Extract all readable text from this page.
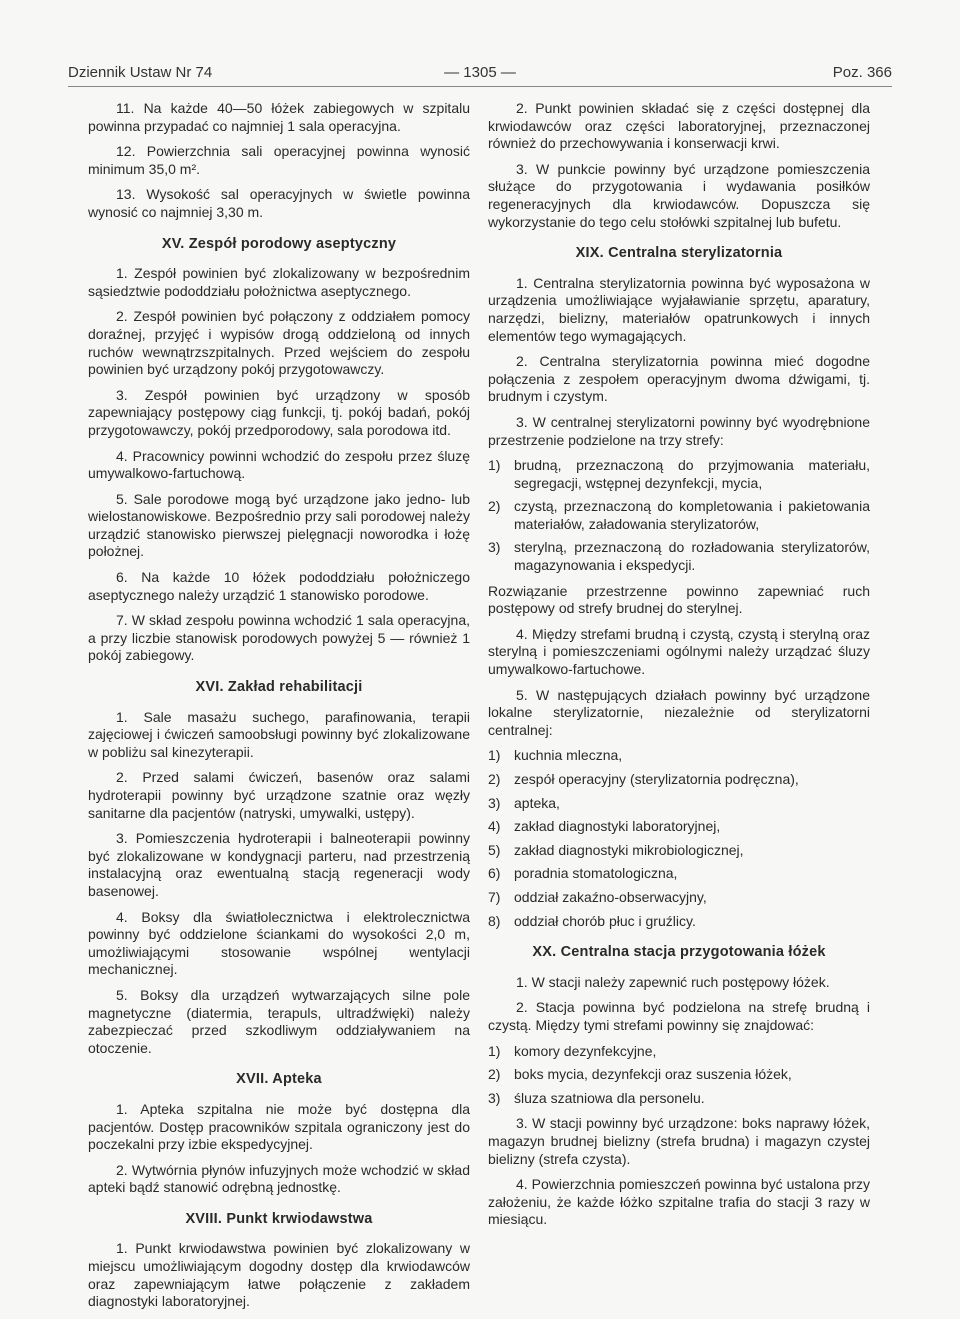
Dziennik Ustaw Nr 74	— 1305 —	Poz. 366

11. Na każde 40—50 łóżek zabiegowych w szpitalu powinna przypadać co najmniej 1 sala operacyjna.

12. Powierzchnia sali operacyjnej powinna wynosić minimum 35,0 m².

13. Wysokość sal operacyjnych w świetle powinna wynosić co najmniej 3,30 m.

XV. Zespół porodowy aseptyczny

1. Zespół powinien być zlokalizowany w bezpośrednim sąsiedztwie pododdziału położnictwa aseptycznego.

2. Zespół powinien być połączony z oddziałem pomocy doraźnej, przyjęć i wypisów drogą oddzieloną od innych ruchów wewnątrzszpitalnych. Przed wejściem do zespołu powinien być urządzony pokój przygotowawczy.

3. Zespół powinien być urządzony w sposób zapewniający postępowy ciąg funkcji, tj. pokój badań, pokój przygotowawczy, pokój przedporodowy, sala porodowa itd.

4. Pracownicy powinni wchodzić do zespołu przez śluzę umywalkowo-fartuchową.

5. Sale porodowe mogą być urządzone jako jedno- lub wielostanowiskowe. Bezpośrednio przy sali porodowej należy urządzić stanowisko pierwszej pielęgnacji noworodka i łożę położnej.

6. Na każde 10 łóżek pododdziału położniczego aseptycznego należy urządzić 1 stanowisko porodowe.

7. W skład zespołu powinna wchodzić 1 sala operacyjna, a przy liczbie stanowisk porodowych powyżej 5 — również 1 pokój zabiegowy.

XVI. Zakład rehabilitacji

1. Sale masażu suchego, parafinowania, terapii zajęciowej i ćwiczeń samoobsługi powinny być zlokalizowane w pobliżu sal kinezyterapii.

2. Przed salami ćwiczeń, basenów oraz salami hydroterapii powinny być urządzone szatnie oraz węzły sanitarne dla pacjentów (natryski, umywalki, ustępy).

3. Pomieszczenia hydroterapii i balneoterapii powinny być zlokalizowane w kondygnacji parteru, nad przestrzenią instalacyjną oraz ewentualną stacją regeneracji wody basenowej.

4. Boksy dla światłolecznictwa i elektrolecznictwa powinny być oddzielone ściankami do wysokości 2,0 m, umożliwiającymi stosowanie wspólnej wentylacji mechanicznej.

5. Boksy dla urządzeń wytwarzających silne pole magnetyczne (diatermia, terapuls, ultradźwięki) należy zabezpieczać przed szkodliwym oddziaływaniem na otoczenie.

XVII. Apteka

1. Apteka szpitalna nie może być dostępna dla pacjentów. Dostęp pracowników szpitala ograniczony jest do poczekalni przy izbie ekspedycyjnej.

2. Wytwórnia płynów infuzyjnych może wchodzić w skład apteki bądź stanowić odrębną jednostkę.

XVIII. Punkt krwiodawstwa

1. Punkt krwiodawstwa powinien być zlokalizowany w miejscu umożliwiającym dogodny dostęp dla krwiodawców oraz zapewniającym łatwe połączenie z zakładem diagnostyki laboratoryjnej.

2. Punkt powinien składać się z części dostępnej dla krwiodawców oraz części laboratoryjnej, przeznaczonej również do przechowywania i konserwacji krwi.

3. W punkcie powinny być urządzone pomieszczenia służące do przygotowania i wydawania posiłków regeneracyjnych dla krwiodawców. Dopuszcza się wykorzystanie do tego celu stołówki szpitalnej lub bufetu.

XIX. Centralna sterylizatornia

1. Centralna sterylizatornia powinna być wyposażona w urządzenia umożliwiające wyjaławianie sprzętu, aparatury, narzędzi, bielizny, materiałów opatrunkowych i innych elementów tego wymagających.

2. Centralna sterylizatornia powinna mieć dogodne połączenia z zespołem operacyjnym dwoma dźwigami, tj. brudnym i czystym.

3. W centralnej sterylizatorni powinny być wyodrębnione przestrzenie podzielone na trzy strefy:

1) brudną, przeznaczoną do przyjmowania materiału, segregacji, wstępnej dezynfekcji, mycia,
2) czystą, przeznaczoną do kompletowania i pakietowania materiałów, załadowania sterylizatorów,
3) sterylną, przeznaczoną do rozładowania sterylizatorów, magazynowania i ekspedycji.

Rozwiązanie przestrzenne powinno zapewniać ruch postępowy od strefy brudnej do sterylnej.

4. Między strefami brudną i czystą, czystą i sterylną oraz sterylną i pomieszczeniami ogólnymi należy urządzać śluzy umywalkowo-fartuchowe.

5. W następujących działach powinny być urządzone lokalne sterylizatornie, niezależnie od sterylizatorni centralnej:

1) kuchnia mleczna,
2) zespół operacyjny (sterylizatornia podręczna),
3) apteka,
4) zakład diagnostyki laboratoryjnej,
5) zakład diagnostyki mikrobiologicznej,
6) poradnia stomatologiczna,
7) oddział zakaźno-obserwacyjny,
8) oddział chorób płuc i gruźlicy.
XX. Centralna stacja przygotowania łóżek

1. W stacji należy zapewnić ruch postępowy łóżek.

2. Stacja powinna być podzielona na strefę brudną i czystą. Między tymi strefami powinny się znajdować:

1) komory dezynfekcyjne,
2) boks mycia, dezynfekcji oraz suszenia łóżek,
3) śluza szatniowa dla personelu.

3. W stacji powinny być urządzone: boks naprawy łóżek, magazyn brudnej bielizny (strefa brudna) i magazyn czystej bielizny (strefa czysta).

4. Powierzchnia pomieszczeń powinna być ustalona przy założeniu, że każde łóżko szpitalne trafia do stacji 3 razy w miesiącu.
